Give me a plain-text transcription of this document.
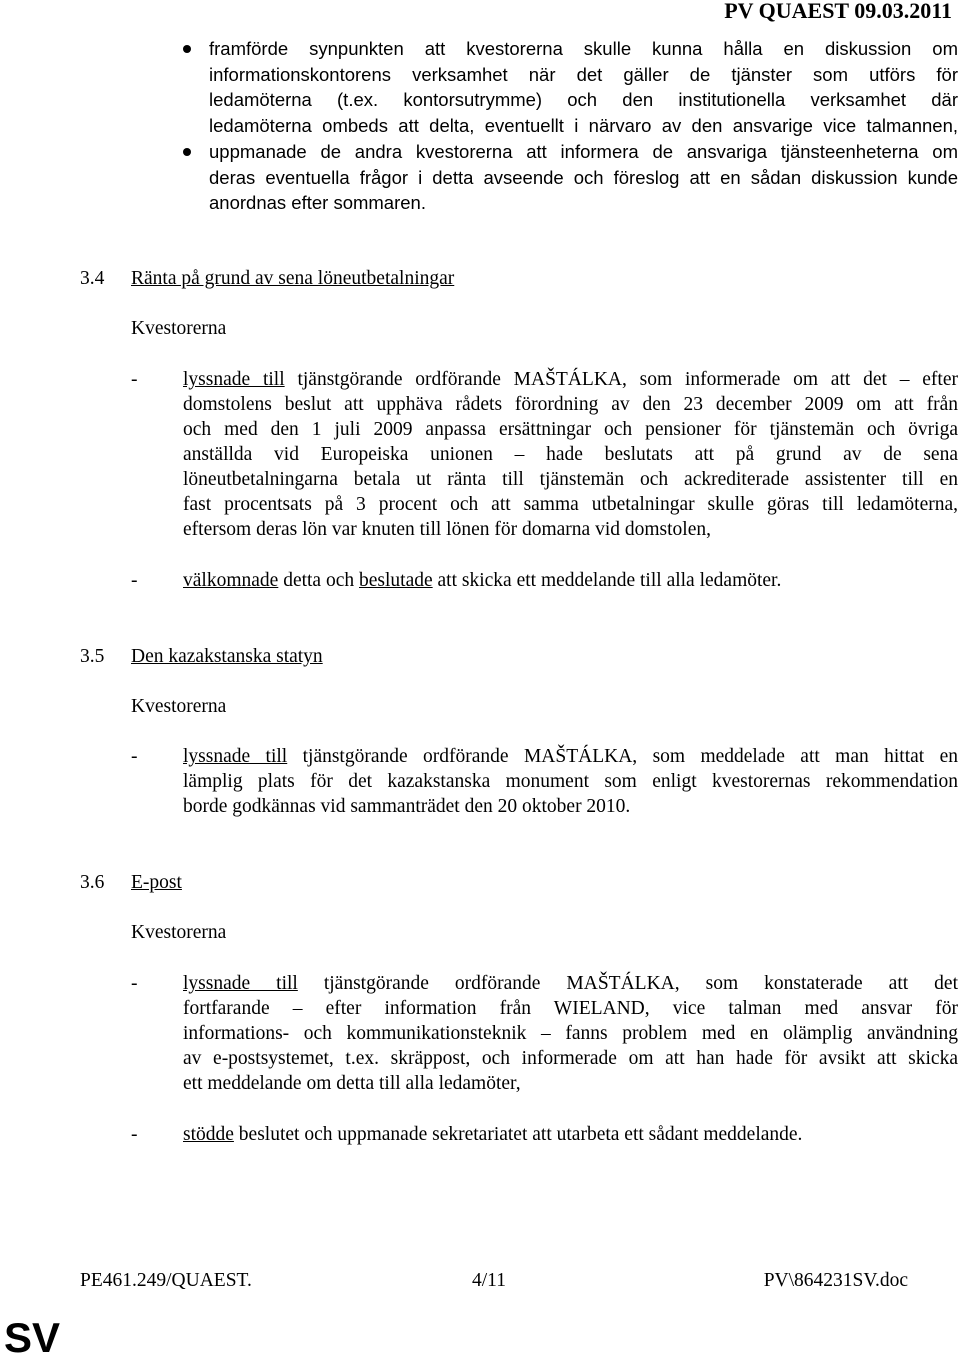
PV QUAEST 09.03.2011
framförde synpunkten att kvestorerna skulle kunna hålla en diskussion om
informationskontorens verksamhet när det gäller de tjänster som utförs för
ledamöterna (t.ex. kontorsutrymme) och den institutionella verksamhet där
ledamöterna ombeds att delta, eventuellt i närvaro av den ansvarige vice talmannen,
uppmanade de andra kvestorerna att informera de ansvariga tjänsteenheterna om
deras eventuella frågor i detta avseende och föreslog att en sådan diskussion kunde
anordnas efter sommaren.
3.4 Ränta på grund av sena löneutbetalningar
Kvestorerna
- lyssnade till tjänstgörande ordförande MAŠTÁLKA, som informerade om att det – efter
domstolens beslut att upphäva rådets förordning av den 23 december 2009 om att från
och med den 1 juli 2009 anpassa ersättningar och pensioner för tjänstemän och övriga
anställda vid Europeiska unionen – hade beslutats att på grund av de sena
löneutbetalningarna betala ut ränta till tjänstemän och ackrediterade assistenter till en
fast procentsats på 3 procent och att samma utbetalningar skulle göras till ledamöterna,
eftersom deras lön var knuten till lönen för domarna vid domstolen,
- välkomnade detta och beslutade att skicka ett meddelande till alla ledamöter.
3.5 Den kazakstanska statyn
Kvestorerna
- lyssnade till tjänstgörande ordförande MAŠTÁLKA, som meddelade att man hittat en
lämplig plats för det kazakstanska monument som enligt kvestorernas rekommendation
borde godkännas vid sammanträdet den 20 oktober 2010.
3.6 E-post
Kvestorerna
- lyssnade till tjänstgörande ordförande MAŠTÁLKA, som konstaterade att det
fortfarande – efter information från WIELAND, vice talman med ansvar för
informations- och kommunikationsteknik – fanns problem med en olämplig användning
av e-postsystemet, t.ex. skräppost, och informerade om att han hade för avsikt att skicka
ett meddelande om detta till alla ledamöter,
- stödde beslutet och uppmanade sekretariatet att utarbeta ett sådant meddelande.
PE461.249/QUAEST.	4/11	PV\864231SV.doc
SV
